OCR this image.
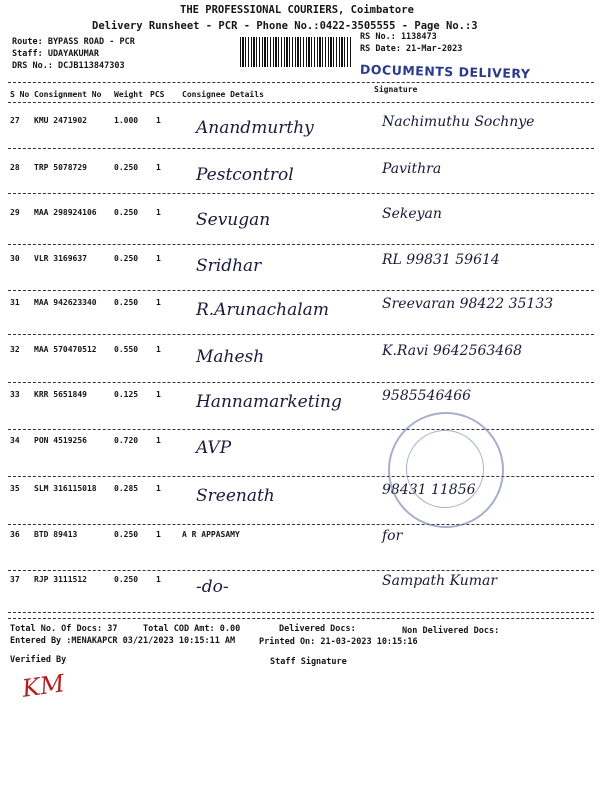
THE PROFESSIONAL COURIERS, Coimbatore
Delivery Runsheet - PCR - Phone No.:0422-3505555 - Page No.:3
Route: BYPASS ROAD - PCR
Staff: UDAYAKUMAR
DRS No.: DCJB113847303
RS No.: 1138473
RS Date: 21-Mar-2023
DOCUMENTS DELIVERY
S No Consignment No Weight PCS Consignee Details
Signature
27 KMU 2471902	1.000 1 Anandmurthy	Nachimuthu Sochnye
28 TRP 5078729	0.250 1 Pestcontrol	Pavithra
29 MAA 298924106 0.250 1 Sevugan	Sekeyan
30 VLR 3169637	0.250 1 Sridhar	RL 99831 59614
31 MAA 942623340 0.250 1 R.Arunachalam	Sreevaran 98422 35133
32 MAA 570470512 0.550 1 Mahesh	K.Ravi 9642563468
33 KRR 5651849	0.125 1 Hannamarketing	9585546466
34 PON 4519256	0.720 1 AVP
35 SLM 316115018 0.285 1 Sreenath	98431 11856
36 BTD 89413	0.250 1	A R APPASAMY	for
37 RJP 3111512	0.250 1 -do-	Sampath Kumar
Total No. Of Docs: 37	Total COD Amt: 0.00	Delivered Docs:	Non Delivered Docs:
Entered By :MENAKAPCR 03/21/2023 10:15:11 AM	Printed On: 21-03-2023 10:15:16
Verified By	Staff Signature
KM
